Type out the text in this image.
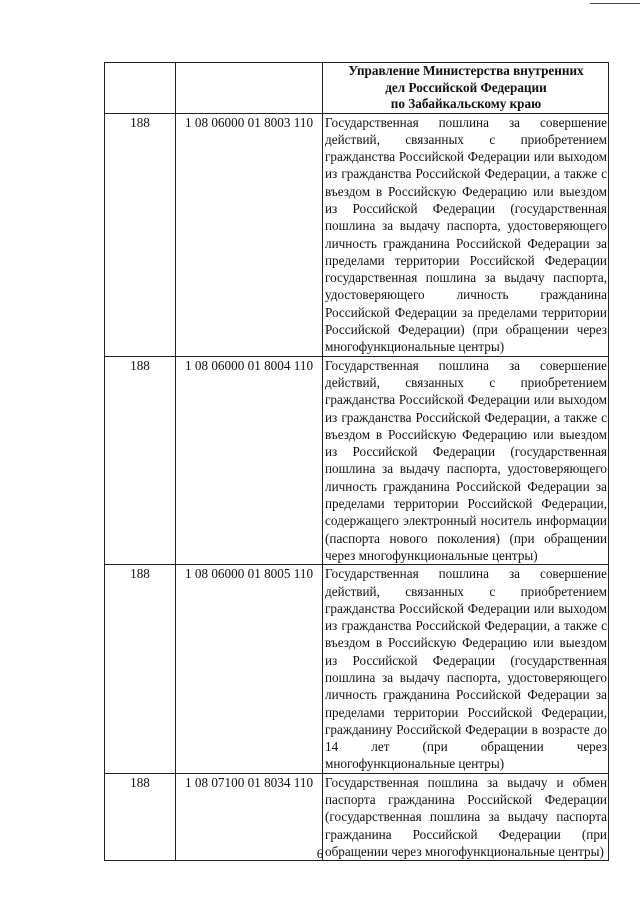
		Управление Министерства внутренних
дел Российской Федерации
по Забайкальскому краю

188	1 08 06000 01 8003 110	Государственная пошлина за совершение действий, связанных с приобретением гражданства Российской Федерации или выходом из гражданства Российской Федерации, а также с въездом в Российскую Федерацию или выездом из Российской Федерации (государственная пошлина за выдачу паспорта, удостоверяющего личность гражданина Российской Федерации за пределами территории Российской Федерации государственная пошлина за выдачу паспорта, удостоверяющего личность гражданина Российской Федерации за пределами территории Российской Федерации) (при обращении через многофункциональные центры)
188	1 08 06000 01 8004 110	Государственная пошлина за совершение действий, связанных с приобретением гражданства Российской Федерации или выходом из гражданства Российской Федерации, а также с въездом в Российскую Федерацию или выездом из Российской Федерации (государственная пошлина за выдачу паспорта, удостоверяющего личность гражданина Российской Федерации за пределами территории Российской Федерации, содержащего электронный носитель информации (паспорта нового поколения) (при обращении через многофункциональные центры)
188	1 08 06000 01 8005 110	Государственная пошлина за совершение действий, связанных с приобретением гражданства Российской Федерации или выходом из гражданства Российской Федерации, а также с въездом в Российскую Федерацию или выездом из Российской Федерации (государственная пошлина за выдачу паспорта, удостоверяющего личность гражданина Российской Федерации за пределами территории Российской Федерации, гражданину Российской Федерации в возрасте до 14 лет (при обращении через многофункциональные центры)
188	1 08 07100 01 8034 110	Государственная пошлина за выдачу и обмен паспорта гражданина Российской Федерации (государственная пошлина за выдачу паспорта гражданина Российской Федерации (при обращении через многофункциональные центры)
6
